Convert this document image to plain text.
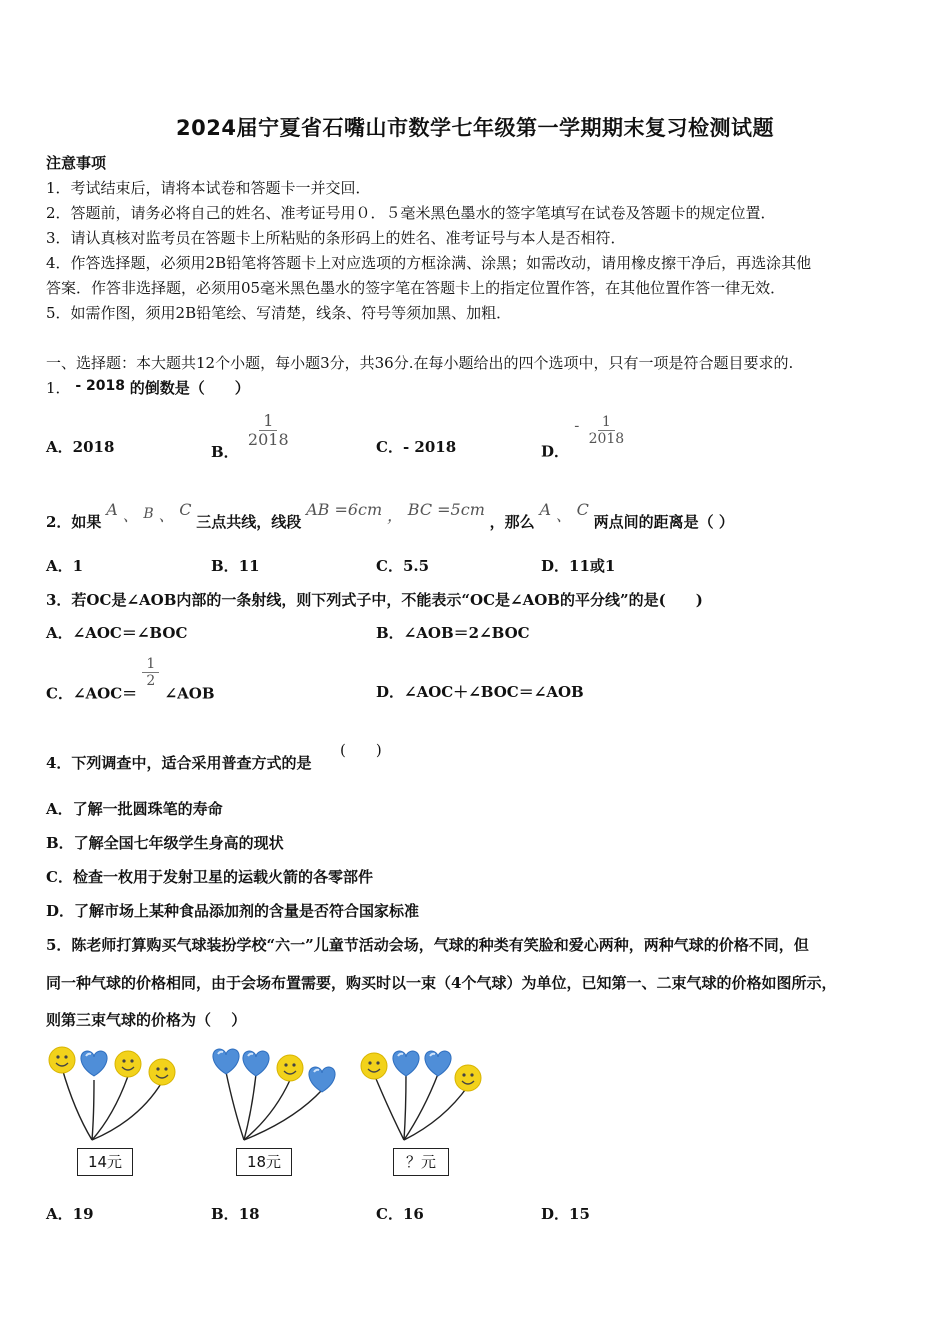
2024届宁夏省石嘴山市数学七年级第一学期期末复习检测试题
注意事项
1．考试结束后，请将本试卷和答题卡一并交回．
2．答题前，请务必将自己的姓名、准考证号用０．５毫米黑色墨水的签字笔填写在试卷及答题卡的规定位置．
3．请认真核对监考员在答题卡上所粘贴的条形码上的姓名、准考证号与本人是否相符．
4．作答选择题，必须用2B铅笔将答题卡上对应选项的方框涂满、涂黑；如需改动，请用橡皮擦干净后，再选涂其他
答案．作答非选择题，必须用05毫米黑色墨水的签字笔在答题卡上的指定位置作答，在其他位置作答一律无效．
5．如需作图，须用2B铅笔绘、写清楚，线条、符号等须加黑、加粗．
一、选择题：本大题共12个小题，每小题3分，共36分.在每小题给出的四个选项中，只有一项是符合题目要求的.
1． - 2018 的倒数是（　　）
A．2018	B．
$\frac{1}{2018}$	C．- 2018	D． - $\frac{1}{2018}$
2．如果 A 、 B 、 C 三点共线，线段 AB =6cm ， BC =5cm ，那么 A 、 C 两点间的距离是（ ）
A．1	B．11	C．5.5	D．11或1
3．若OC是∠AOB内部的一条射线，则下列式子中，不能表示“OC是∠AOB的平分线”的是(　　)
A．∠AOC＝∠BOC	B．∠AOB＝2∠BOC
C．∠AOC＝
$\frac{1}{2}$
∠AOB	D．∠AOC＋∠BOC＝∠AOB
4．下列调查中，适合采用普查方式的是
(　　)
A．了解一批圆珠笔的寿命
B．了解全国七年级学生身高的现状
C．检查一枚用于发射卫星的运载火箭的各零部件
D．了解市场上某种食品添加剂的含量是否符合国家标准
5．陈老师打算购买气球装扮学校“六一”儿童节活动会场，气球的种类有笑脸和爱心两种，两种气球的价格不同，但
同一种气球的价格相同，由于会场布置需要，购买时以一束（4个气球）为单位，已知第一、二束气球的价格如图所示，
则第三束气球的价格为（　 ）
14元	18元	？元
A．19	B．18	C．16	D．15
